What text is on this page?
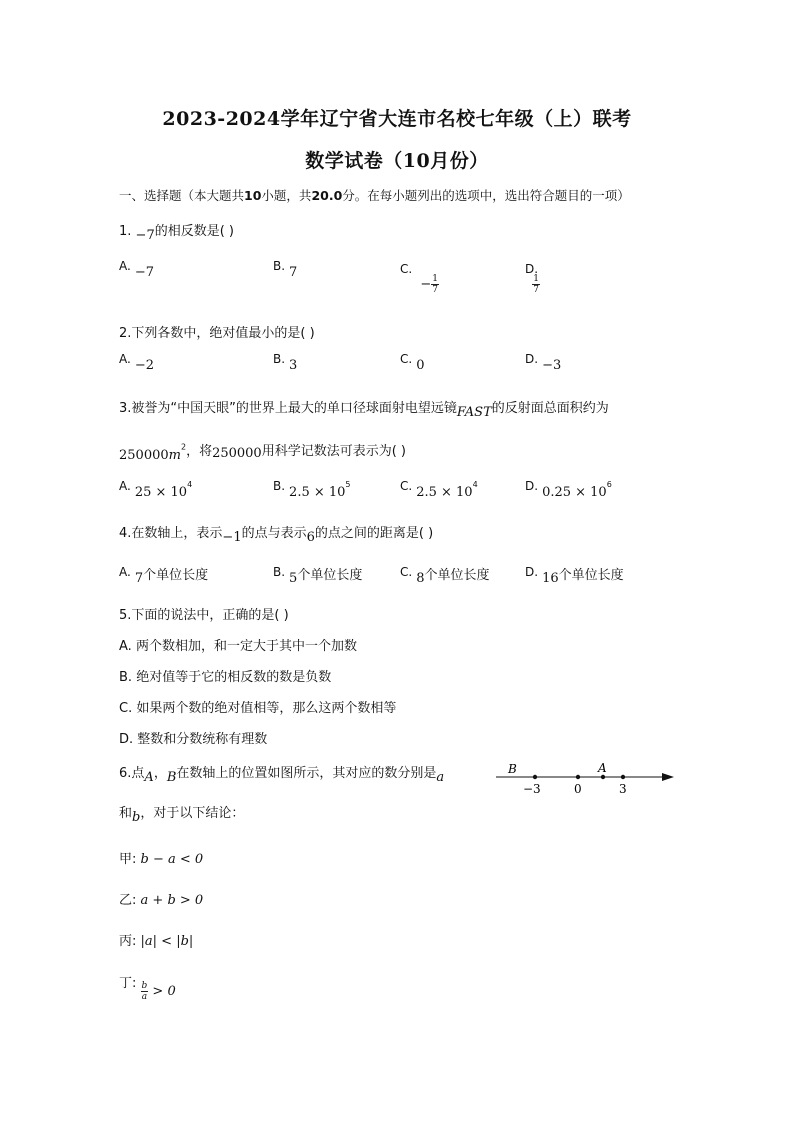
2023-2024学年辽宁省大连市名校七年级（上）联考
数学试卷（10月份）
一、选择题（本大题共10小题，共20.0分。在每小题列出的选项中，选出符合题目的一项）
1. −7的相反数是( )
A. −7	B. 7	C. − $\frac{1}{7}$
D.
$\frac{1}{7}$
2.下列各数中，绝对值最小的是( )
A. −2	B. 3	C. 0	D. −3
3.被誉为“中国天眼”的世界上最大的单口径球面射电望远镜FAST的反射面总面积约为
$250000m^2$，将250000用科学记数法可表示为( )
A. $25 \times 10^4$	B. $2.5 \times 10^5$	C. $2.5 \times 10^4$	D. $0.25 \times 10^6$
4.在数轴上，表示−1的点与表示6的点之间的距离是( )
A. 7个单位长度	B. 5个单位长度	C. 8个单位长度	D. 16个单位长度
5.下面的说法中，正确的是( )
A. 两个数相加，和一定大于其中一个加数
B. 绝对值等于它的相反数的数是负数
C. 如果两个数的绝对值相等，那么这两个数相等
D. 整数和分数统称有理数
6.点A，B在数轴上的位置如图所示，其对应的数分别是a
B	A
−3	0	3
和b，对于以下结论：
甲: b − a < 0
乙: a + b > 0
丙: |a| < |b|
丁: $\frac{b}{a} > 0$
